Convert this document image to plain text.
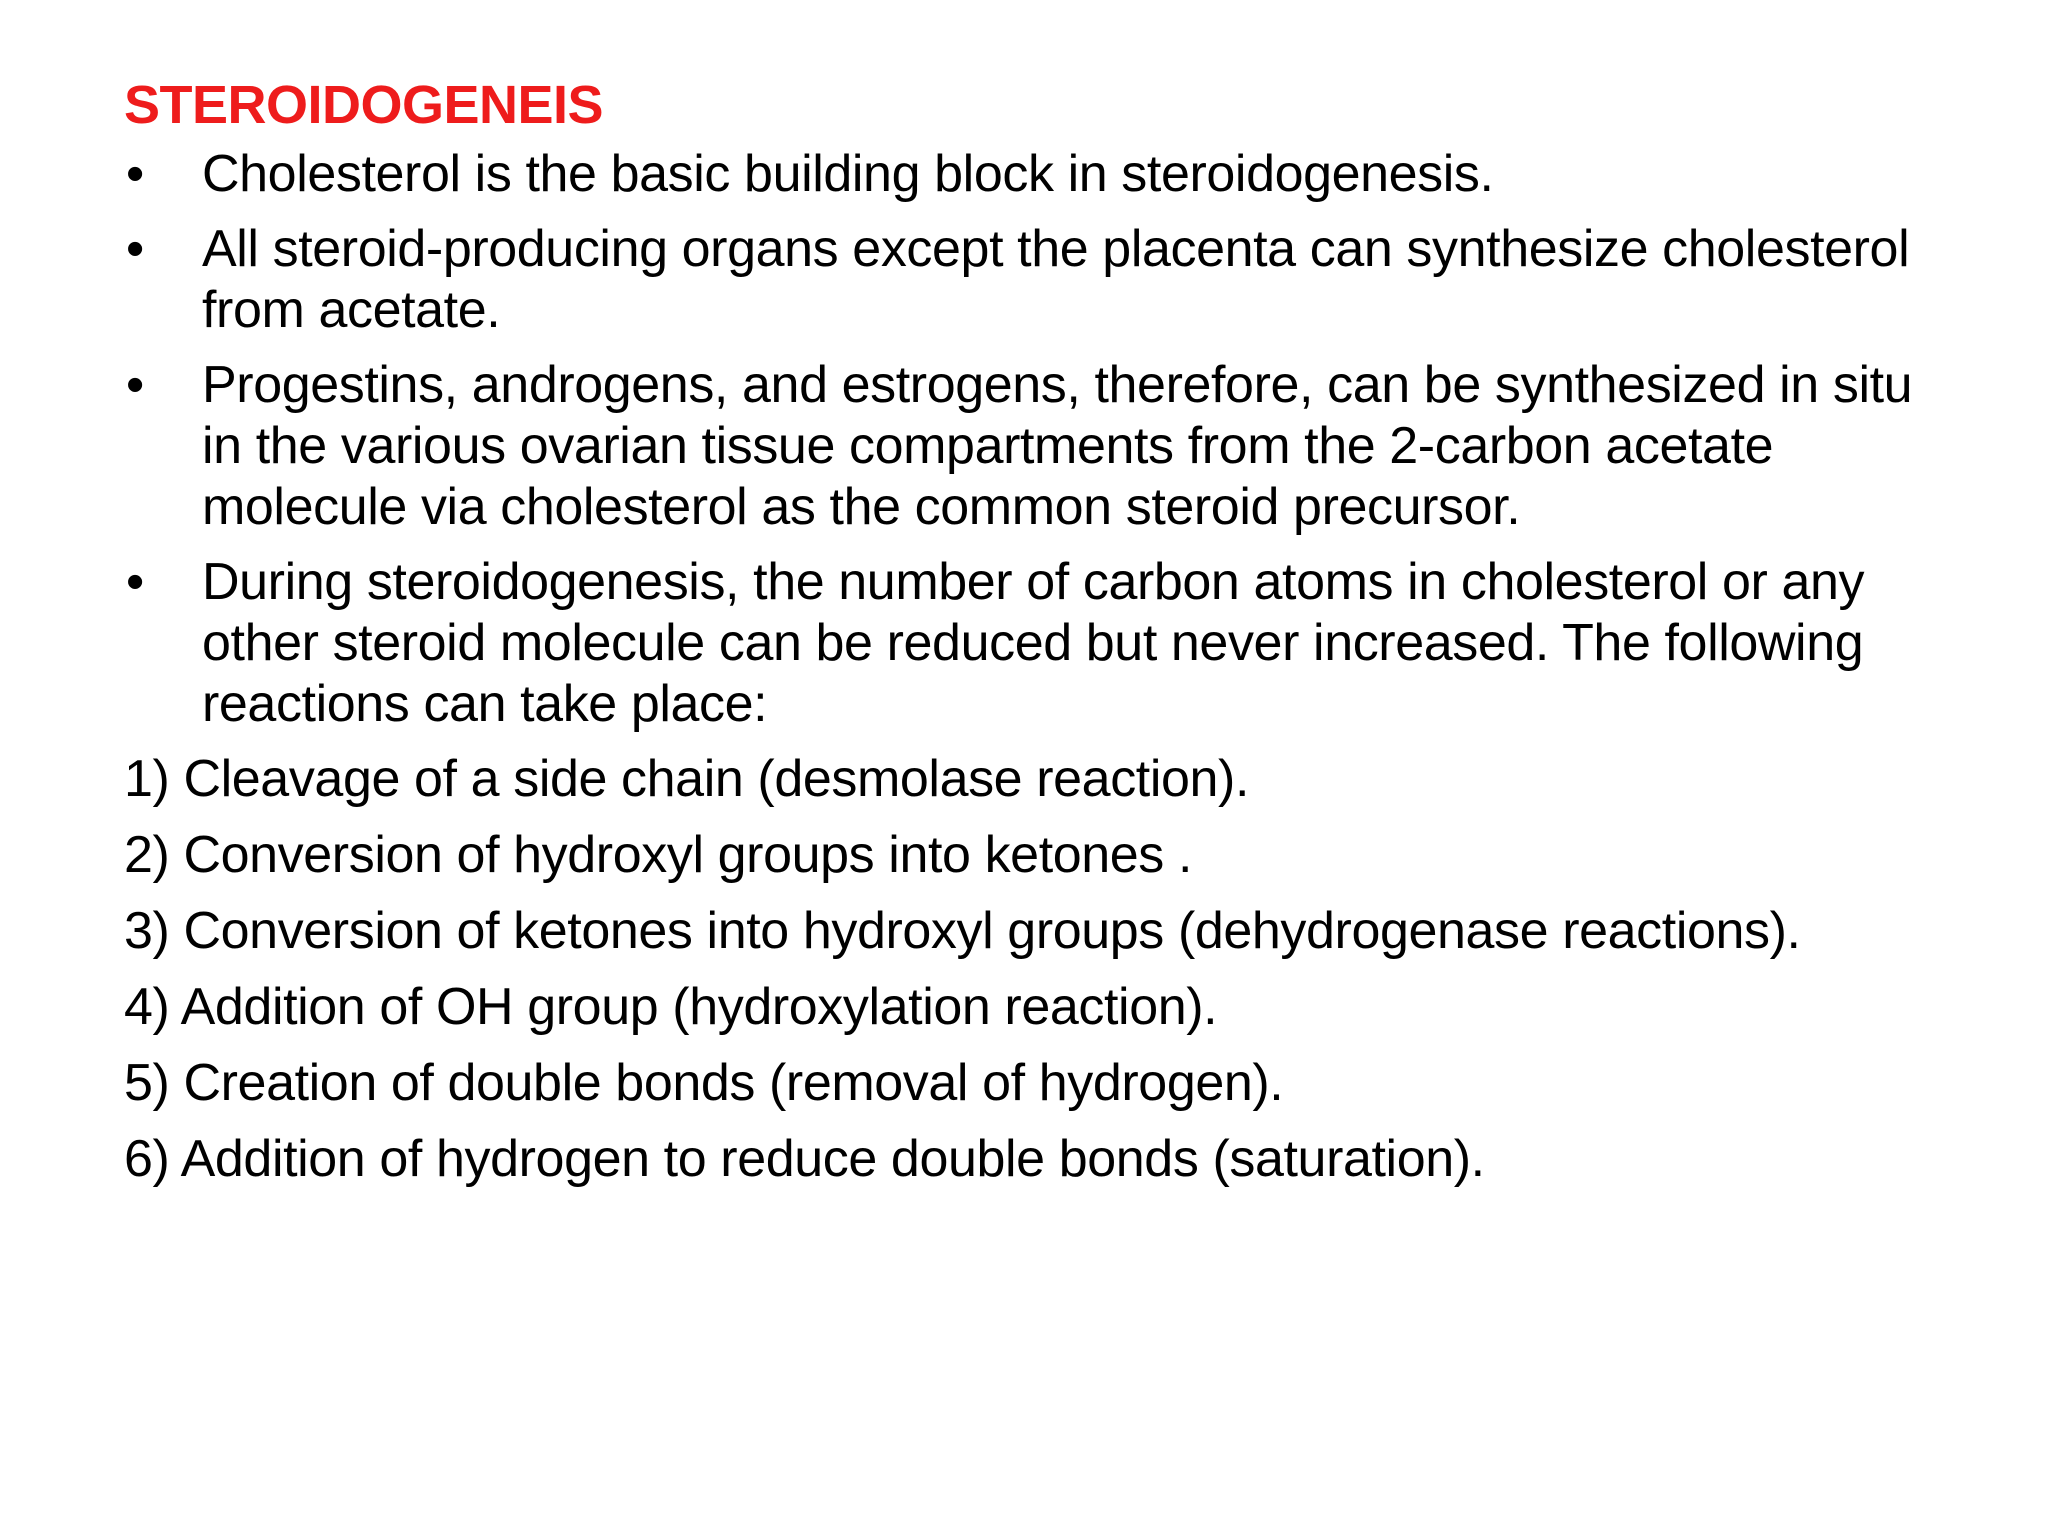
STEROIDOGENEIS
•	Cholesterol is the basic building block in steroidogenesis.
•	All steroid-producing organs except the placenta can synthesize cholesterol from acetate.
•	Progestins, androgens, and estrogens, therefore, can be synthesized in situ in the various ovarian tissue compartments from the 2-carbon acetate molecule via cholesterol as the common steroid precursor.
•	During steroidogenesis, the number of carbon atoms in cholesterol or any other steroid molecule can be reduced but never increased. The following reactions can take place:
1) Cleavage of a side chain (desmolase reaction).
2) Conversion of hydroxyl groups into ketones .
3) Conversion of ketones into hydroxyl groups (dehydrogenase reactions).
4) Addition of OH group (hydroxylation reaction).
5) Creation of double bonds (removal of hydrogen).
6) Addition of hydrogen to reduce double bonds (saturation).
